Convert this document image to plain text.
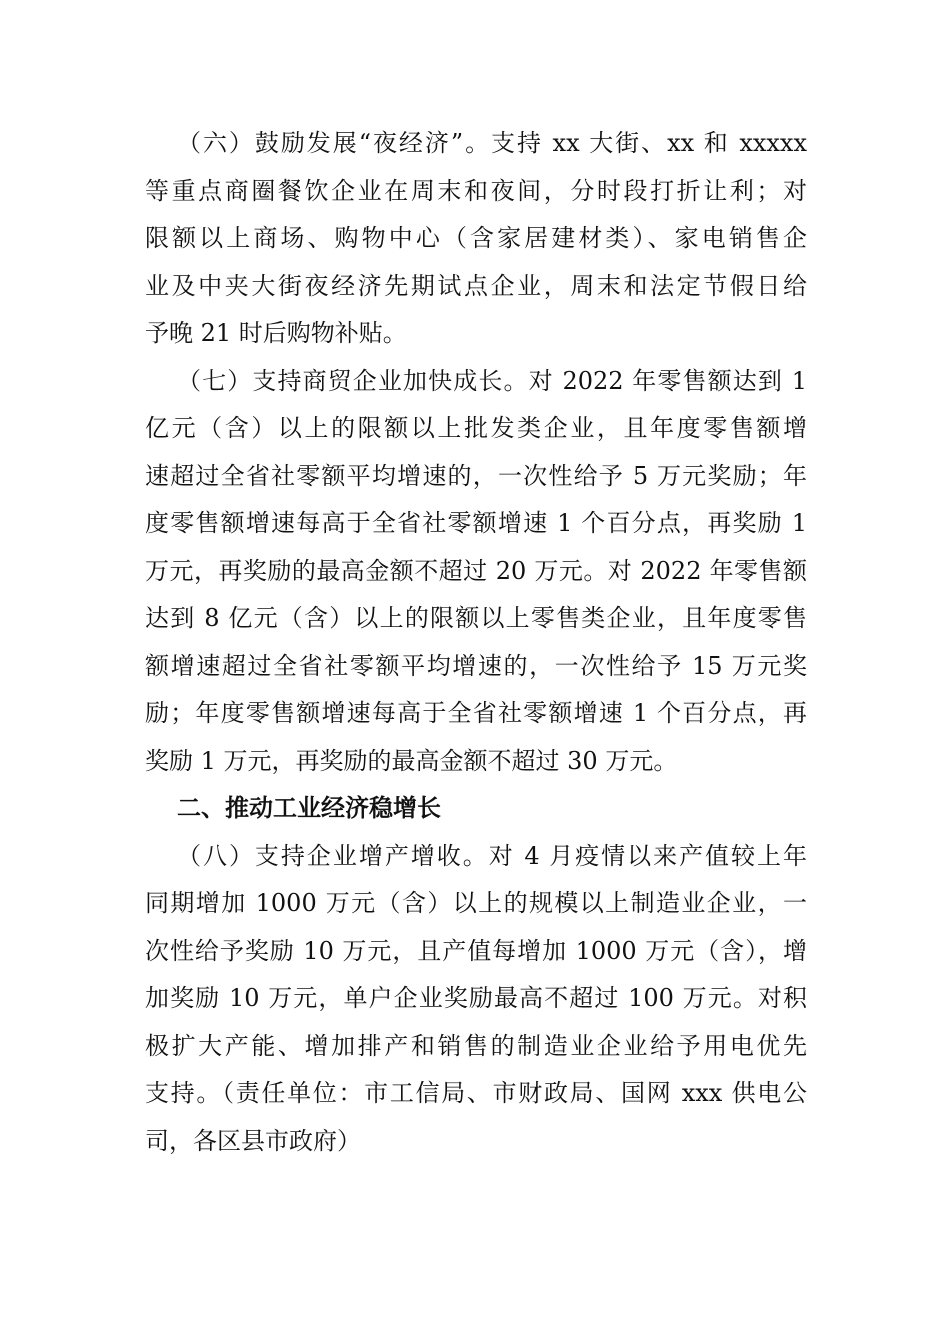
（六）鼓励发展“夜经济”。支持 xx 大街、xx 和 xxxxx
等重点商圈餐饮企业在周末和夜间，分时段打折让利；对
限额以上商场、购物中心（含家居建材类）、家电销售企
业及中夹大街夜经济先期试点企业，周末和法定节假日给
予晚 21 时后购物补贴。
（七）支持商贸企业加快成长。对 2022 年零售额达到 1
亿元（含）以上的限额以上批发类企业，且年度零售额增
速超过全省社零额平均增速的，一次性给予 5 万元奖励；年
度零售额增速每高于全省社零额增速 1 个百分点，再奖励 1
万元，再奖励的最高金额不超过 20 万元。对 2022 年零售额
达到 8 亿元（含）以上的限额以上零售类企业，且年度零售
额增速超过全省社零额平均增速的，一次性给予 15 万元奖
励；年度零售额增速每高于全省社零额增速 1 个百分点，再
奖励 1 万元，再奖励的最高金额不超过 30 万元。
二、推动工业经济稳增长
（八）支持企业增产增收。对 4 月疫情以来产值较上年
同期增加 1000 万元（含）以上的规模以上制造业企业，一
次性给予奖励 10 万元，且产值每增加 1000 万元（含），增
加奖励 10 万元，单户企业奖励最高不超过 100 万元。对积
极扩大产能、增加排产和销售的制造业企业给予用电优先
支持。（责任单位：市工信局、市财政局、国网 xxx 供电公
司，各区县市政府）
